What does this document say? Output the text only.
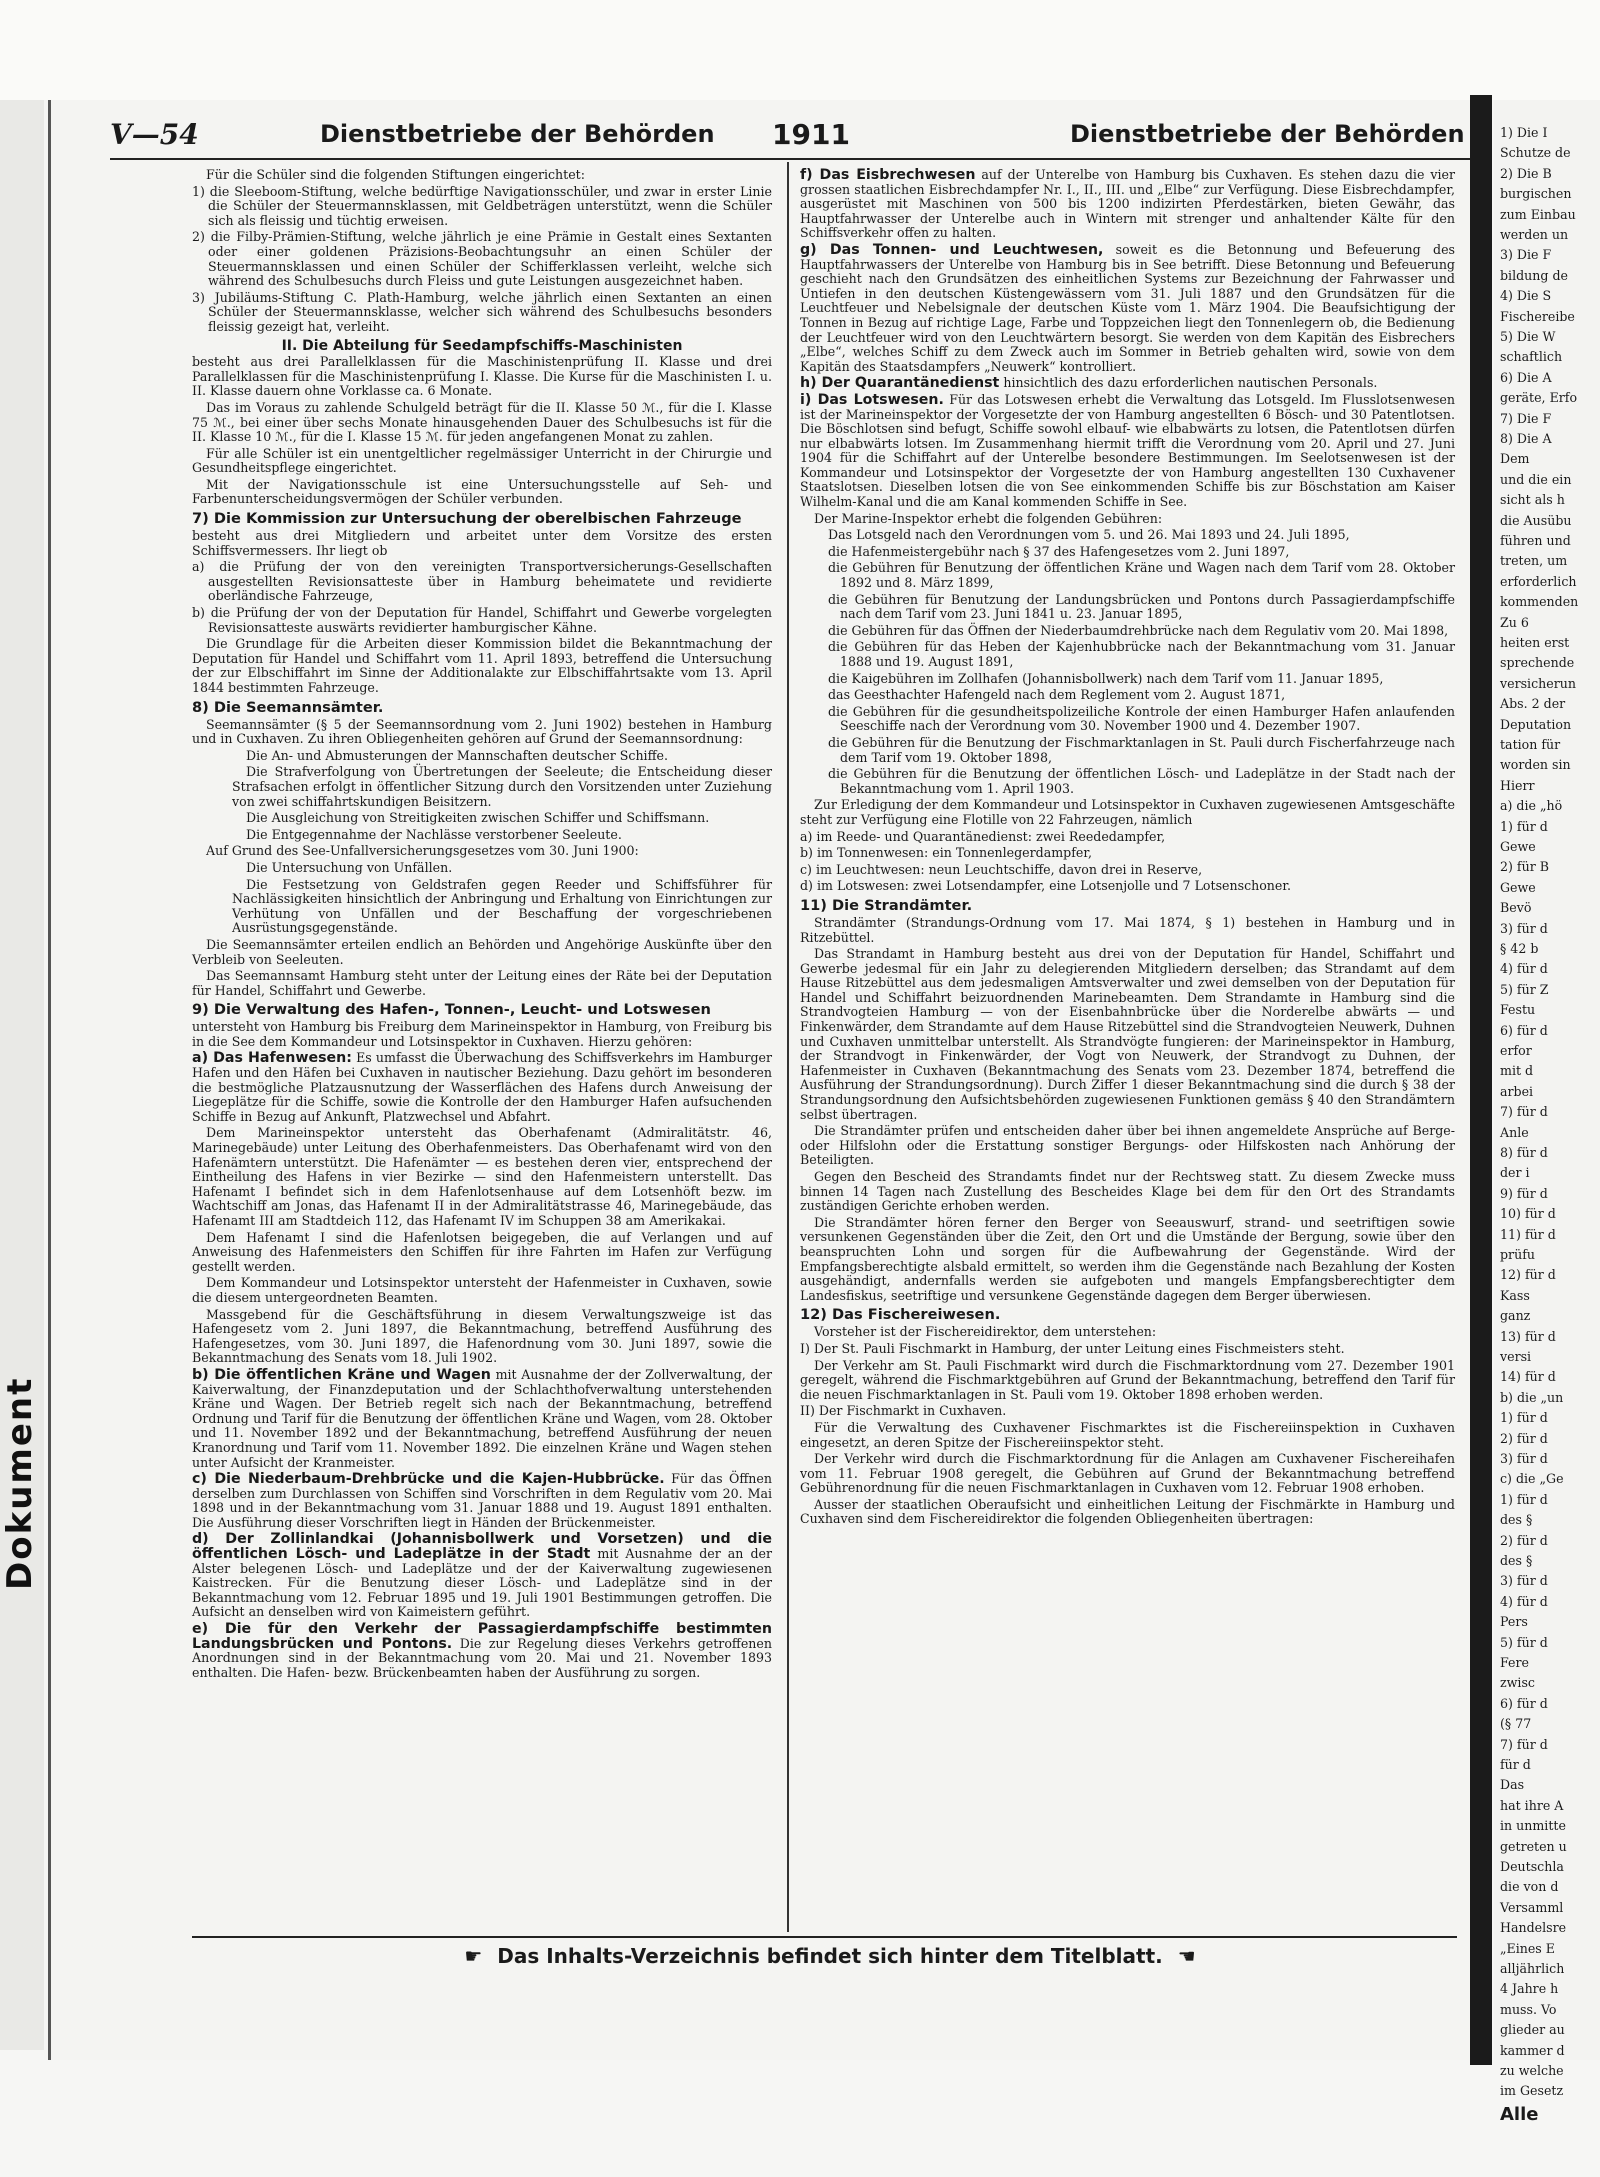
Dokument
1) Die I
Schutze de
2) Die B
burgischen
zum Einbau
werden un
3) Die F
bildung de
4) Die S
Fischereibe
5) Die W
schaftlich
6) Die A
geräte, Erfo
7) Die F
8) Die A
Dem
und die ein
sicht als h
die Ausübu
führen und
treten, um
erforderlich
kommenden
Zu 6
heiten erst
sprechende
versicherun
Abs. 2 der
Deputation
tation für
worden sin
Hierr
a) die „hö
1) für d
Gewe
2) für B
Gewe
Bevö
3) für d
§ 42 b
4) für d
5) für Z
Festu
6) für d
erfor
mit d
arbei
7) für d
Anle
8) für d
der i
9) für d
10) für d
11) für d
prüfu
12) für d
Kass
ganz
13) für d
versi
14) für d
b) die „un
1) für d
2) für d
3) für d
c) die „Ge
1) für d
des §
2) für d
des §
3) für d
4) für d
Pers
5) für d
Fere
zwisc
6) für d
(§ 77
7) für d
für d
Das
hat ihre A
in unmitte
getreten u
Deutschla
die von d
Versamml
Handelsre
„Eines E
alljährlich
4 Jahre h
muss. Vo
glieder au
kammer d
zu welche
im Gesetz
Alle
V—54	Dienstbetriebe der Behörden 1911	Dienstbetriebe der Behörden

Für die Schüler sind die folgenden Stiftungen eingerichtet:

1) die Sleeboom-Stiftung, welche bedürftige Navigationsschüler, und zwar in erster Linie die Schüler der Steuermannsklassen, mit Geldbeträgen unterstützt, wenn die Schüler sich als fleissig und tüchtig erweisen.

2) die Filby-Prämien-Stiftung, welche jährlich je eine Prämie in Gestalt eines Sextanten oder einer goldenen Präzisions-Beobachtungsuhr an einen Schüler der Steuermannsklassen und einen Schüler der Schifferklassen verleiht, welche sich während des Schulbesuchs durch Fleiss und gute Leistungen ausgezeichnet haben.

3) Jubiläums-Stiftung C. Plath-Hamburg, welche jährlich einen Sextanten an einen Schüler der Steuermannsklasse, welcher sich während des Schulbesuchs besonders fleissig gezeigt hat, verleiht.

II. Die Abteilung für Seedampfschiffs-Maschinisten

besteht aus drei Parallelklassen für die Maschinistenprüfung II. Klasse und drei Parallelklassen für die Maschinistenprüfung I. Klasse. Die Kurse für die Maschinisten I. u. II. Klasse dauern ohne Vorklasse ca. 6 Monate.

Das im Voraus zu zahlende Schulgeld beträgt für die II. Klasse 50 ℳ., für die I. Klasse 75 ℳ., bei einer über sechs Monate hinausgehenden Dauer des Schulbesuchs ist für die II. Klasse 10 ℳ., für die I. Klasse 15 ℳ. für jeden angefangenen Monat zu zahlen.

Für alle Schüler ist ein unentgeltlicher regelmässiger Unterricht in der Chirurgie und Gesundheitspflege eingerichtet.

Mit der Navigationsschule ist eine Untersuchungsstelle auf Seh- und Farbenunterscheidungsvermögen der Schüler verbunden.

7) Die Kommission zur Untersuchung der oberelbischen Fahrzeuge

besteht aus drei Mitgliedern und arbeitet unter dem Vorsitze des ersten Schiffsvermessers. Ihr liegt ob

a) die Prüfung der von den vereinigten Transportversicherungs-Gesellschaften ausgestellten Revisionsatteste über in Hamburg beheimatete und revidierte oberländische Fahrzeuge,

b) die Prüfung der von der Deputation für Handel, Schiffahrt und Gewerbe vorgelegten Revisionsatteste auswärts revidierter hamburgischer Kähne.

Die Grundlage für die Arbeiten dieser Kommission bildet die Bekanntmachung der Deputation für Handel und Schiffahrt vom 11. April 1893, betreffend die Untersuchung der zur Elbschiffahrt im Sinne der Additionalakte zur Elbschiffahrtsakte vom 13. April 1844 bestimmten Fahrzeuge.

8) Die Seemannsämter.

Seemannsämter (§ 5 der Seemannsordnung vom 2. Juni 1902) bestehen in Hamburg und in Cuxhaven. Zu ihren Obliegenheiten gehören auf Grund der Seemannsordnung:

Die An- und Abmusterungen der Mannschaften deutscher Schiffe.

Die Strafverfolgung von Übertretungen der Seeleute; die Entscheidung dieser Strafsachen erfolgt in öffentlicher Sitzung durch den Vorsitzenden unter Zuziehung von zwei schiffahrtskundigen Beisitzern.

Die Ausgleichung von Streitigkeiten zwischen Schiffer und Schiffsmann.

Die Entgegennahme der Nachlässe verstorbener Seeleute.

Auf Grund des See-Unfallversicherungsgesetzes vom 30. Juni 1900:

Die Untersuchung von Unfällen.

Die Festsetzung von Geldstrafen gegen Reeder und Schiffsführer für Nachlässigkeiten hinsichtlich der Anbringung und Erhaltung von Einrichtungen zur Verhütung von Unfällen und der Beschaffung der vorgeschriebenen Ausrüstungsgegenstände.

Die Seemannsämter erteilen endlich an Behörden und Angehörige Auskünfte über den Verbleib von Seeleuten.

Das Seemannsamt Hamburg steht unter der Leitung eines der Räte bei der Deputation für Handel, Schiffahrt und Gewerbe.

9) Die Verwaltung des Hafen-, Tonnen-, Leucht- und Lotswesen

untersteht von Hamburg bis Freiburg dem Marineinspektor in Hamburg, von Freiburg bis in die See dem Kommandeur und Lotsinspektor in Cuxhaven. Hierzu gehören:

a) Das Hafenwesen: Es umfasst die Überwachung des Schiffsverkehrs im Hamburger Hafen und den Häfen bei Cuxhaven in nautischer Beziehung. Dazu gehört im besonderen die bestmögliche Platzausnutzung der Wasserflächen des Hafens durch Anweisung der Liegeplätze für die Schiffe, sowie die Kontrolle der den Hamburger Hafen aufsuchenden Schiffe in Bezug auf Ankunft, Platzwechsel und Abfahrt.

Dem Marineinspektor untersteht das Oberhafenamt (Admiralitätstr. 46, Marinegebäude) unter Leitung des Oberhafenmeisters. Das Oberhafenamt wird von den Hafenämtern unterstützt. Die Hafenämter — es bestehen deren vier, entsprechend der Eintheilung des Hafens in vier Bezirke — sind den Hafenmeistern unterstellt. Das Hafenamt I befindet sich in dem Hafenlotsenhause auf dem Lotsenhöft bezw. im Wachtschiff am Jonas, das Hafenamt II in der Admiralitätstrasse 46, Marinegebäude, das Hafenamt III am Stadtdeich 112, das Hafenamt IV im Schuppen 38 am Amerikakai.

Dem Hafenamt I sind die Hafenlotsen beigegeben, die auf Verlangen und auf Anweisung des Hafenmeisters den Schiffen für ihre Fahrten im Hafen zur Verfügung gestellt werden.

Dem Kommandeur und Lotsinspektor untersteht der Hafenmeister in Cuxhaven, sowie die diesem untergeordneten Beamten.

Massgebend für die Geschäftsführung in diesem Verwaltungszweige ist das Hafengesetz vom 2. Juni 1897, die Bekanntmachung, betreffend Ausführung des Hafengesetzes, vom 30. Juni 1897, die Hafenordnung vom 30. Juni 1897, sowie die Bekanntmachung des Senats vom 18. Juli 1902.

b) Die öffentlichen Kräne und Wagen mit Ausnahme der der Zollverwaltung, der Kaiverwaltung, der Finanzdeputation und der Schlachthofverwaltung unterstehenden Kräne und Wagen. Der Betrieb regelt sich nach der Bekanntmachung, betreffend Ordnung und Tarif für die Benutzung der öffentlichen Kräne und Wagen, vom 28. Oktober und 11. November 1892 und der Bekanntmachung, betreffend Ausführung der neuen Kranordnung und Tarif vom 11. November 1892. Die einzelnen Kräne und Wagen stehen unter Aufsicht der Kranmeister.

c) Die Niederbaum-Drehbrücke und die Kajen-Hubbrücke. Für das Öffnen derselben zum Durchlassen von Schiffen sind Vorschriften in dem Regulativ vom 20. Mai 1898 und in der Bekanntmachung vom 31. Januar 1888 und 19. August 1891 enthalten. Die Ausführung dieser Vorschriften liegt in Händen der Brückenmeister.

d) Der Zollinlandkai (Johannisbollwerk und Vorsetzen) und die öffentlichen Lösch- und Ladeplätze in der Stadt mit Ausnahme der an der Alster belegenen Lösch- und Ladeplätze und der der Kaiverwaltung zugewiesenen Kaistrecken. Für die Benutzung dieser Lösch- und Ladeplätze sind in der Bekanntmachung vom 12. Februar 1895 und 19. Juli 1901 Bestimmungen getroffen. Die Aufsicht an denselben wird von Kaimeistern geführt.

e) Die für den Verkehr der Passagierdampfschiffe bestimmten Landungsbrücken und Pontons. Die zur Regelung dieses Verkehrs getroffenen Anordnungen sind in der Bekanntmachung vom 20. Mai und 21. November 1893 enthalten. Die Hafen- bezw. Brückenbeamten haben der Ausführung zu sorgen.

f) Das Eisbrechwesen auf der Unterelbe von Hamburg bis Cuxhaven. Es stehen dazu die vier grossen staatlichen Eisbrechdampfer Nr. I., II., III. und „Elbe“ zur Verfügung. Diese Eisbrechdampfer, ausgerüstet mit Maschinen von 500 bis 1200 indizirten Pferdestärken, bieten Gewähr, das Hauptfahrwasser der Unterelbe auch in Wintern mit strenger und anhaltender Kälte für den Schiffsverkehr offen zu halten.

g) Das Tonnen- und Leuchtwesen, soweit es die Betonnung und Befeuerung des Hauptfahrwassers der Unterelbe von Hamburg bis in See betrifft. Diese Betonnung und Befeuerung geschieht nach den Grundsätzen des einheitlichen Systems zur Bezeichnung der Fahrwasser und Untiefen in den deutschen Küstengewässern vom 31. Juli 1887 und den Grundsätzen für die Leuchtfeuer und Nebelsignale der deutschen Küste vom 1. März 1904. Die Beaufsichtigung der Tonnen in Bezug auf richtige Lage, Farbe und Toppzeichen liegt den Tonnenlegern ob, die Bedienung der Leuchtfeuer wird von den Leuchtwärtern besorgt. Sie werden von dem Kapitän des Eisbrechers „Elbe“, welches Schiff zu dem Zweck auch im Sommer in Betrieb gehalten wird, sowie von dem Kapitän des Staatsdampfers „Neuwerk“ kontrolliert.

h) Der Quarantänedienst hinsichtlich des dazu erforderlichen nautischen Personals.

i) Das Lotswesen. Für das Lotswesen erhebt die Verwaltung das Lotsgeld. Im Flusslotsenwesen ist der Marineinspektor der Vorgesetzte der von Hamburg angestellten 6 Bösch- und 30 Patentlotsen. Die Böschlotsen sind befugt, Schiffe sowohl elbauf- wie elbabwärts zu lotsen, die Patentlotsen dürfen nur elbabwärts lotsen. Im Zusammenhang hiermit trifft die Verordnung vom 20. April und 27. Juni 1904 für die Schiffahrt auf der Unterelbe besondere Bestimmungen. Im Seelotsenwesen ist der Kommandeur und Lotsinspektor der Vorgesetzte der von Hamburg angestellten 130 Cuxhavener Staatslotsen. Dieselben lotsen die von See einkommenden Schiffe bis zur Böschstation am Kaiser Wilhelm-Kanal und die am Kanal kommenden Schiffe in See.

Der Marine-Inspektor erhebt die folgenden Gebühren:

Das Lotsgeld nach den Verordnungen vom 5. und 26. Mai 1893 und 24. Juli 1895,

die Hafenmeistergebühr nach § 37 des Hafengesetzes vom 2. Juni 1897,

die Gebühren für Benutzung der öffentlichen Kräne und Wagen nach dem Tarif vom 28. Oktober 1892 und 8. März 1899,

die Gebühren für Benutzung der Landungsbrücken und Pontons durch Passagierdampfschiffe nach dem Tarif vom 23. Juni 1841 u. 23. Januar 1895,

die Gebühren für das Öffnen der Niederbaumdrehbrücke nach dem Regulativ vom 20. Mai 1898,

die Gebühren für das Heben der Kajenhubbrücke nach der Bekanntmachung vom 31. Januar 1888 und 19. August 1891,

die Kaigebühren im Zollhafen (Johannisbollwerk) nach dem Tarif vom 11. Januar 1895,

das Geesthachter Hafengeld nach dem Reglement vom 2. August 1871,

die Gebühren für die gesundheitspolizeiliche Kontrole der einen Hamburger Hafen anlaufenden Seeschiffe nach der Verordnung vom 30. November 1900 und 4. Dezember 1907.

die Gebühren für die Benutzung der Fischmarktanlagen in St. Pauli durch Fischerfahrzeuge nach dem Tarif vom 19. Oktober 1898,

die Gebühren für die Benutzung der öffentlichen Lösch- und Ladeplätze in der Stadt nach der Bekanntmachung vom 1. April 1903.

Zur Erledigung der dem Kommandeur und Lotsinspektor in Cuxhaven zugewiesenen Amtsgeschäfte steht zur Verfügung eine Flotille von 22 Fahrzeugen, nämlich

a) im Reede- und Quarantänedienst: zwei Reededampfer,

b) im Tonnenwesen: ein Tonnenlegerdampfer,

c) im Leuchtwesen: neun Leuchtschiffe, davon drei in Reserve,

d) im Lotswesen: zwei Lotsendampfer, eine Lotsenjolle und 7 Lotsenschoner.

11) Die Strandämter.

Strandämter (Strandungs-Ordnung vom 17. Mai 1874, § 1) bestehen in Hamburg und in Ritzebüttel.

Das Strandamt in Hamburg besteht aus drei von der Deputation für Handel, Schiffahrt und Gewerbe jedesmal für ein Jahr zu delegierenden Mitgliedern derselben; das Strandamt auf dem Hause Ritzebüttel aus dem jedesmaligen Amtsverwalter und zwei demselben von der Deputation für Handel und Schiffahrt beizuordnenden Marinebeamten. Dem Strandamte in Hamburg sind die Strandvogteien Hamburg — von der Eisenbahnbrücke über die Norderelbe abwärts — und Finkenwärder, dem Strandamte auf dem Hause Ritzebüttel sind die Strandvogteien Neuwerk, Duhnen und Cuxhaven unmittelbar unterstellt. Als Strandvögte fungieren: der Marineinspektor in Hamburg, der Strandvogt in Finkenwärder, der Vogt von Neuwerk, der Strandvogt zu Duhnen, der Hafenmeister in Cuxhaven (Bekanntmachung des Senats vom 23. Dezember 1874, betreffend die Ausführung der Strandungsordnung). Durch Ziffer 1 dieser Bekanntmachung sind die durch § 38 der Strandungsordnung den Aufsichtsbehörden zugewiesenen Funktionen gemäss § 40 den Strandämtern selbst übertragen.

Die Strandämter prüfen und entscheiden daher über bei ihnen angemeldete Ansprüche auf Berge- oder Hilfslohn oder die Erstattung sonstiger Bergungs- oder Hilfskosten nach Anhörung der Beteiligten.

Gegen den Bescheid des Strandamts findet nur der Rechtsweg statt. Zu diesem Zwecke muss binnen 14 Tagen nach Zustellung des Bescheides Klage bei dem für den Ort des Strandamts zuständigen Gerichte erhoben werden.

Die Strandämter hören ferner den Berger von Seeauswurf, strand- und seetriftigen sowie versunkenen Gegenständen über die Zeit, den Ort und die Umstände der Bergung, sowie über den beanspruchten Lohn und sorgen für die Aufbewahrung der Gegenstände. Wird der Empfangsberechtigte alsbald ermittelt, so werden ihm die Gegenstände nach Bezahlung der Kosten ausgehändigt, andernfalls werden sie aufgeboten und mangels Empfangsberechtigter dem Landesfiskus, seetriftige und versunkene Gegenstände dagegen dem Berger überwiesen.

12) Das Fischereiwesen.

Vorsteher ist der Fischereidirektor, dem unterstehen:

I) Der St. Pauli Fischmarkt in Hamburg, der unter Leitung eines Fischmeisters steht.

Der Verkehr am St. Pauli Fischmarkt wird durch die Fischmarktordnung vom 27. Dezember 1901 geregelt, während die Fischmarktgebühren auf Grund der Bekanntmachung, betreffend den Tarif für die neuen Fischmarktanlagen in St. Pauli vom 19. Oktober 1898 erhoben werden.

II) Der Fischmarkt in Cuxhaven.

Für die Verwaltung des Cuxhavener Fischmarktes ist die Fischereiinspektion in Cuxhaven eingesetzt, an deren Spitze der Fischereiinspektor steht.

Der Verkehr wird durch die Fischmarktordnung für die Anlagen am Cuxhavener Fischereihafen vom 11. Februar 1908 geregelt, die Gebühren auf Grund der Bekanntmachung betreffend Gebührenordnung für die neuen Fischmarktanlagen in Cuxhaven vom 12. Februar 1908 erhoben.

Ausser der staatlichen Oberaufsicht und einheitlichen Leitung der Fischmärkte in Hamburg und Cuxhaven sind dem Fischereidirektor die folgenden Obliegenheiten übertragen:

☛ Das Inhalts-Verzeichnis befindet sich hinter dem Titelblatt. ☚
